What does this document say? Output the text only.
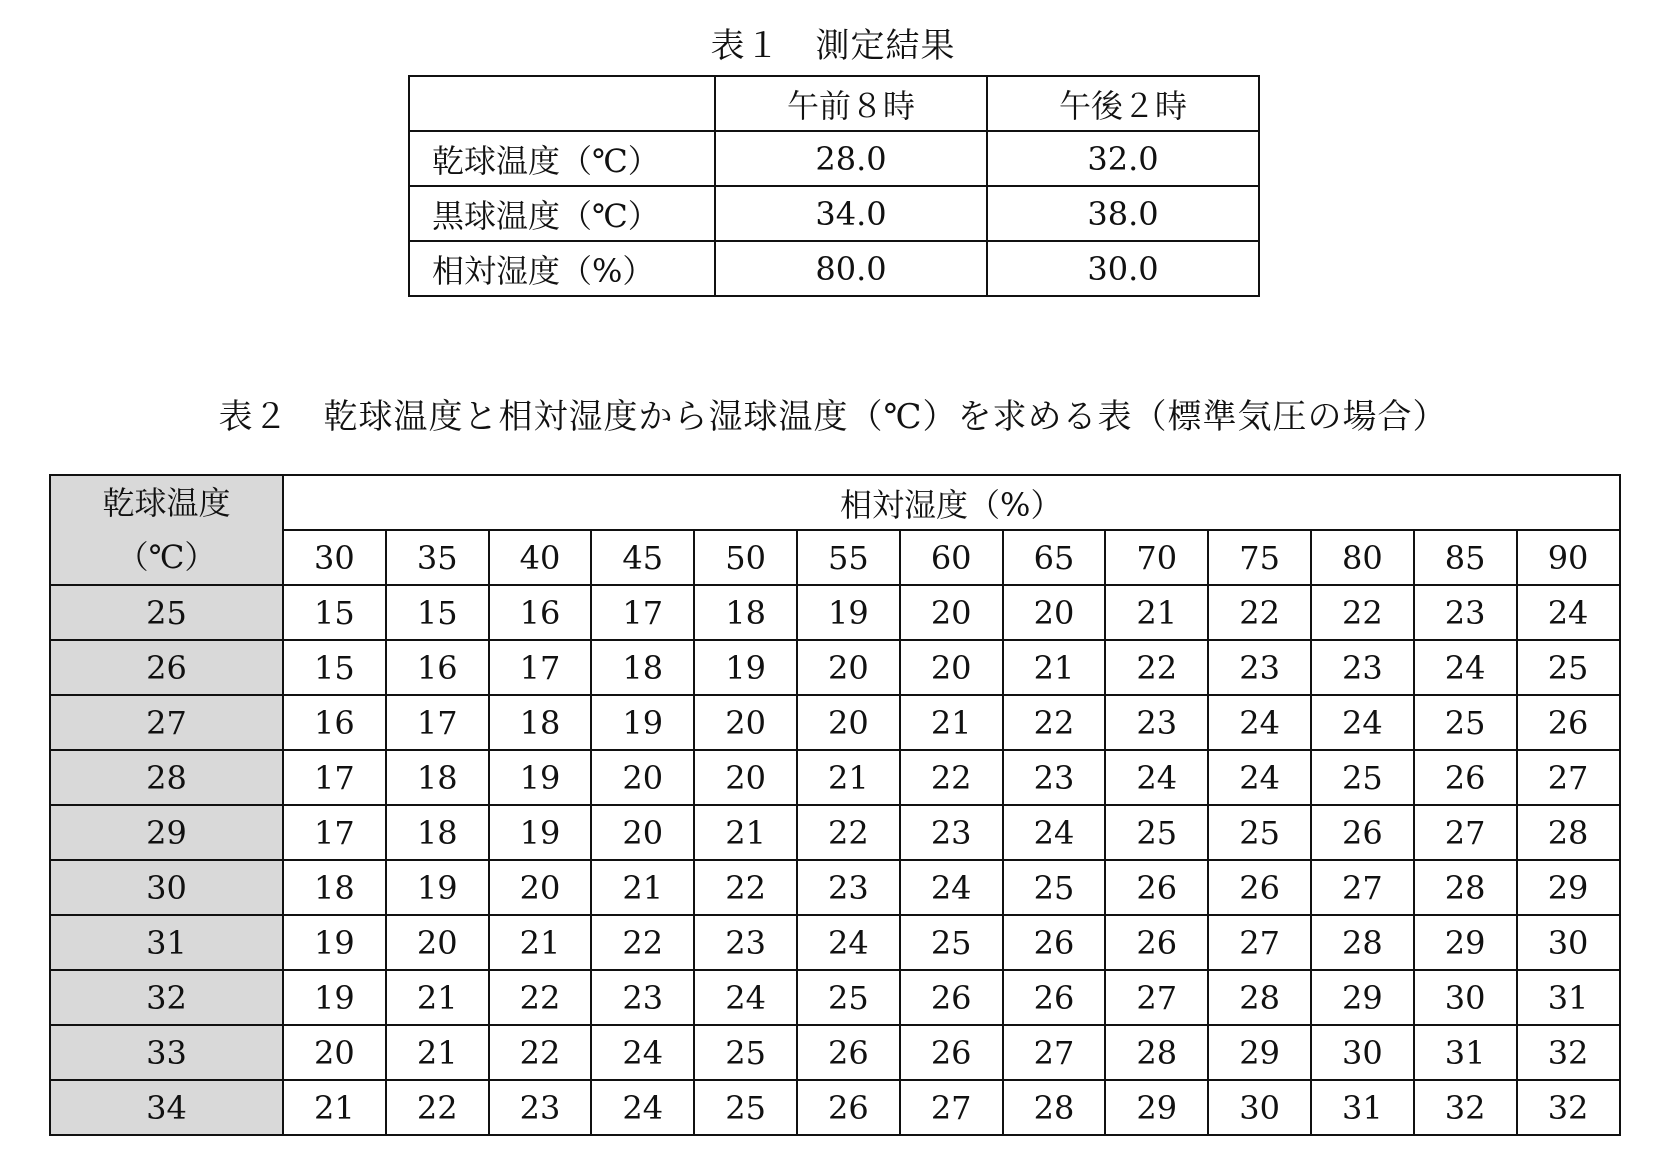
表１　測定結果
	午前８時	午後２時
乾球温度（℃）	28.0	32.0
黒球温度（℃）	34.0	38.0
相対湿度（%）	80.0	30.0
表２　乾球温度と相対湿度から湿球温度（℃）を求める表（標準気圧の場合）
乾球温度
（℃）	相対湿度（%）												
	30	35	40	45	50	55	60	65	70	75	80	85	90
25	15	15	16	17	18	19	20	20	21	22	22	23	24
26	15	16	17	18	19	20	20	21	22	23	23	24	25
27	16	17	18	19	20	20	21	22	23	24	24	25	26
28	17	18	19	20	20	21	22	23	24	24	25	26	27
29	17	18	19	20	21	22	23	24	25	25	26	27	28
30	18	19	20	21	22	23	24	25	26	26	27	28	29
31	19	20	21	22	23	24	25	26	26	27	28	29	30
32	19	21	22	23	24	25	26	26	27	28	29	30	31
33	20	21	22	24	25	26	26	27	28	29	30	31	32
34	21	22	23	24	25	26	27	28	29	30	31	32	32
